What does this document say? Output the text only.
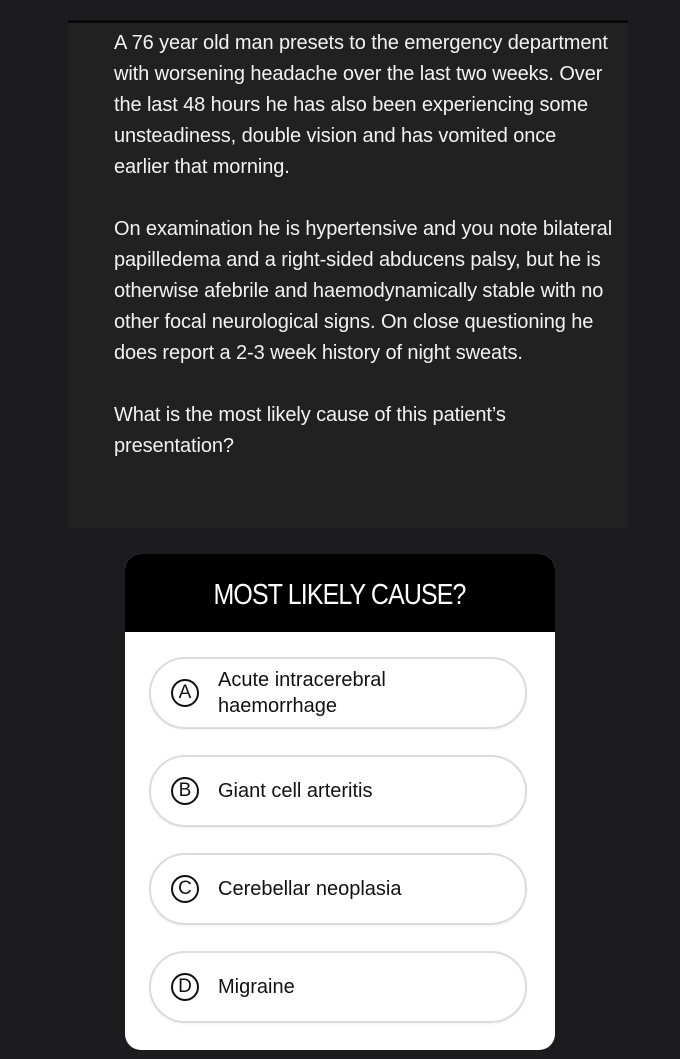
A 76 year old man presets to the emergency department with worsening headache over the last two weeks. Over the last 48 hours he has also been experiencing some unsteadiness, double vision and has vomited once earlier that morning.

On examination he is hypertensive and you note bilateral papilledema and a right-sided abducens palsy, but he is otherwise afebrile and haemodynamically stable with no other focal neurological signs. On close questioning he does report a 2-3 week history of night sweats.

What is the most likely cause of this patient’s presentation?

MOST LIKELY CAUSE?
A
Acute intracerebral haemorrhage
B	Giant cell arteritis
C	Cerebellar neoplasia
D	Migraine
